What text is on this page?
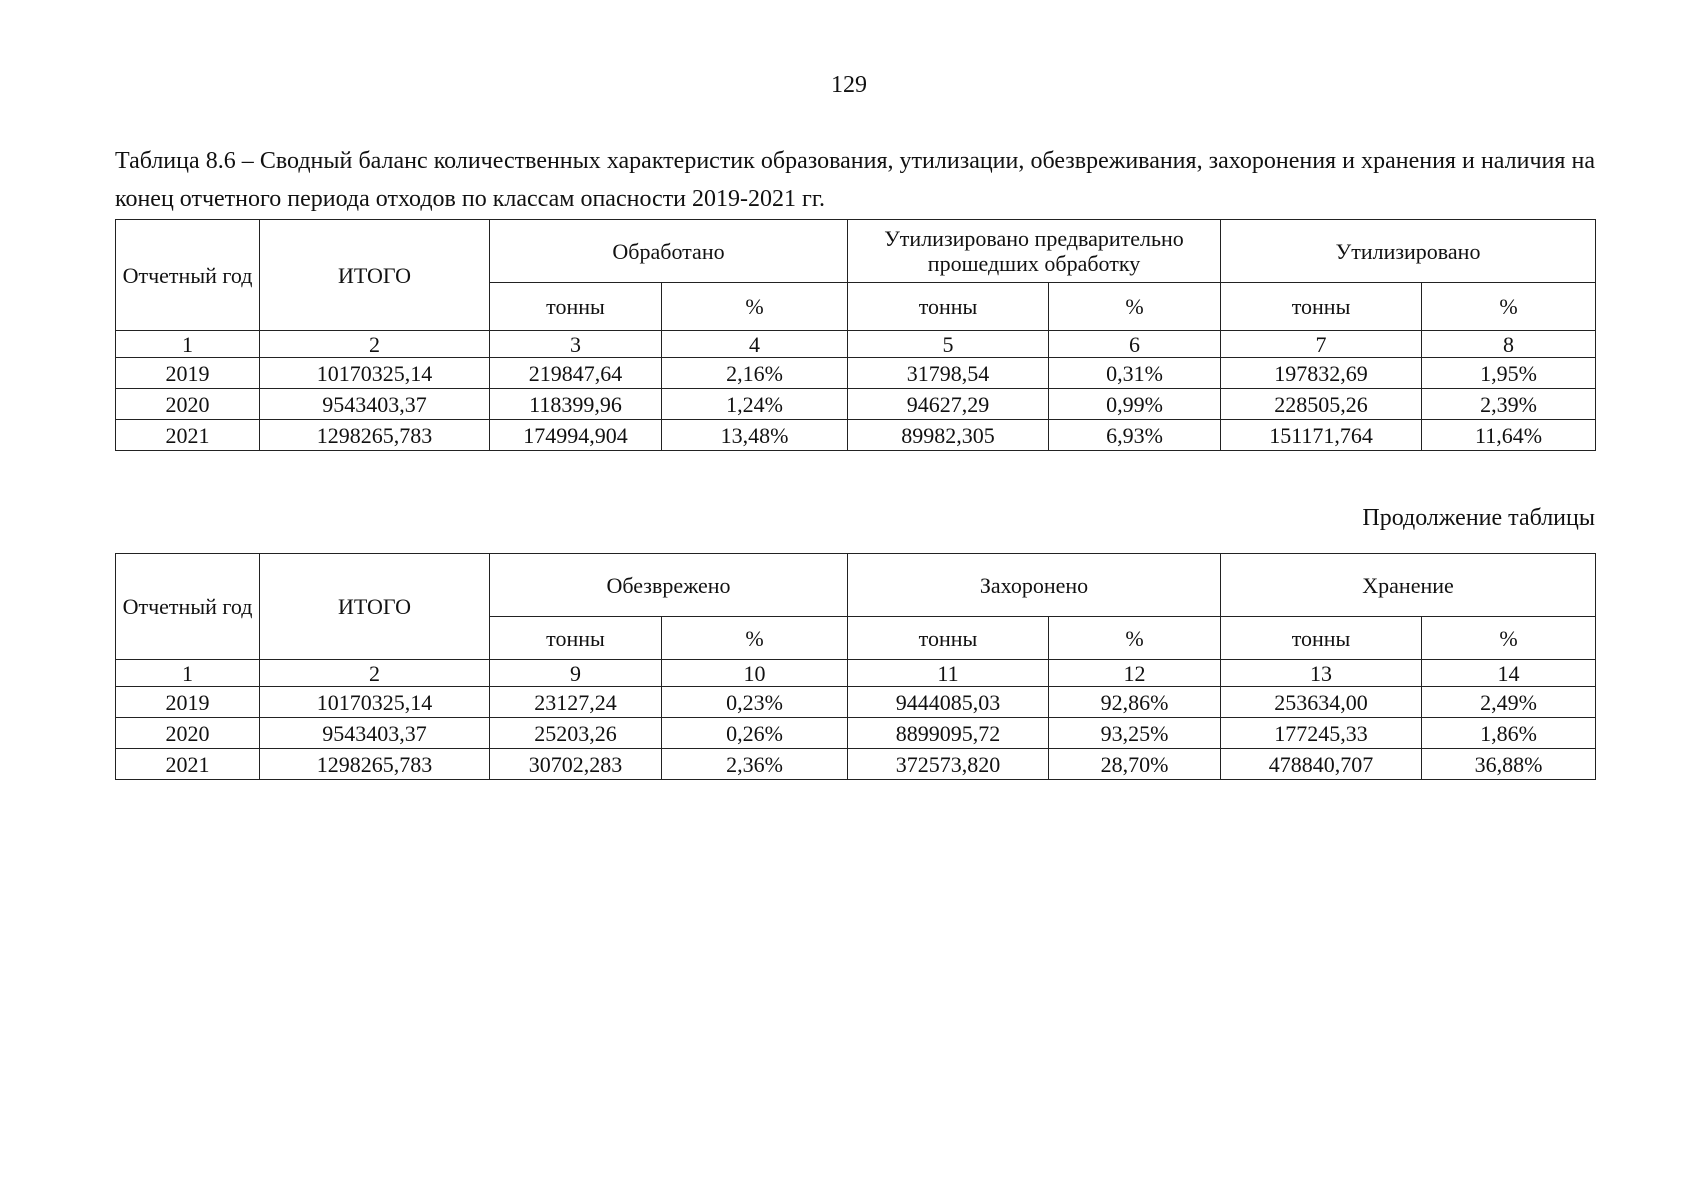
129
Таблица 8.6 – Сводный баланс количественных характеристик образования, утилизации, обезвреживания, захоронения и хранения и наличия на конец отчетного периода отходов по классам опасности 2019-2021 гг.
Отчетный год	ИТОГО	Обработано		Утилизировано предварительно прошедших обработку		Утилизировано	
		тонны	%	тонны	%	тонны	%
1	2	3	4	5	6	7	8
2019	10170325,14	219847,64	2,16%	31798,54	0,31%	197832,69	1,95%
2020	9543403,37	118399,96	1,24%	94627,29	0,99%	228505,26	2,39%
2021	1298265,783	174994,904	13,48%	89982,305	6,93%	151171,764	11,64%
Продолжение таблицы
Отчетный год	ИТОГО	Обезврежено		Захоронено		Хранение	
		тонны	%	тонны	%	тонны	%
1	2	9	10	11	12	13	14
2019	10170325,14	23127,24	0,23%	9444085,03	92,86%	253634,00	2,49%
2020	9543403,37	25203,26	0,26%	8899095,72	93,25%	177245,33	1,86%
2021	1298265,783	30702,283	2,36%	372573,820	28,70%	478840,707	36,88%
